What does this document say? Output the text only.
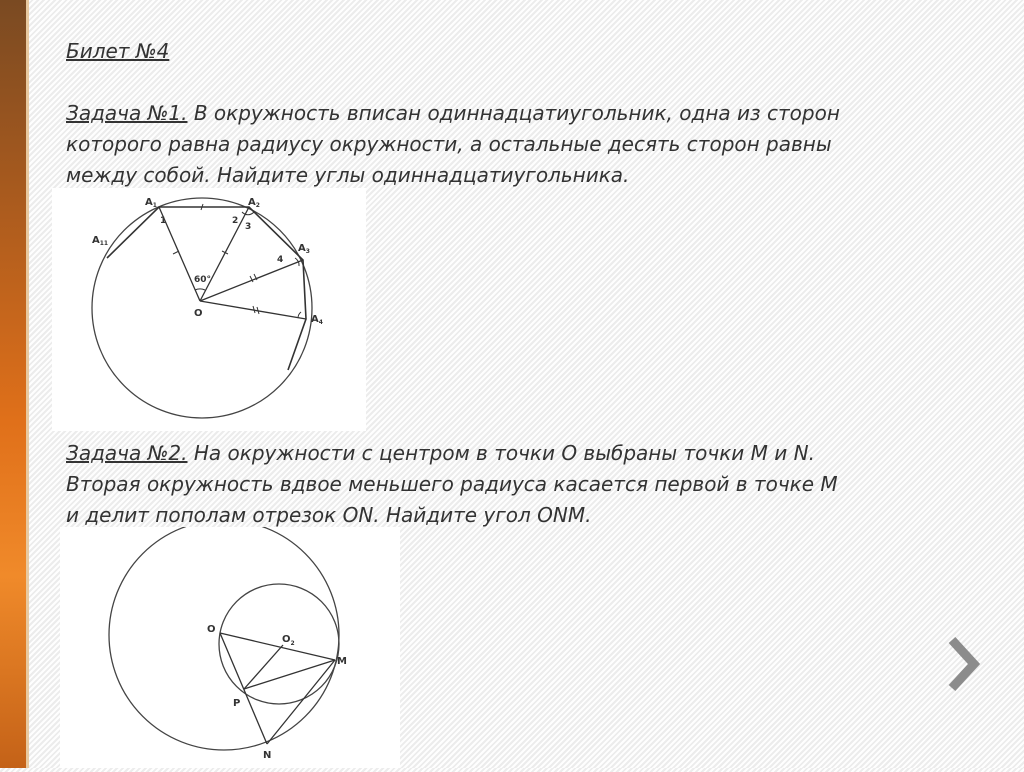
Билет №4
Задача №1. В окружность вписан одиннадцатиугольник, одна из сторон
которого равна радиусу окружности, а остальные десять сторон равны
между собой. Найдите углы одиннадцатиугольника.
$A_1$	$A_2$
$A_3$
$A_4$
$A_{11}$
O
60°
1	2
3
4
Задача №2. На окружности с центром в точки О выбраны точки М и N.
Вторая окружность вдвое меньшего радиуса касается первой в точке М
и делит пополам отрезок ON. Найдите угол ONM.
O
$O_2$
M
P
N
